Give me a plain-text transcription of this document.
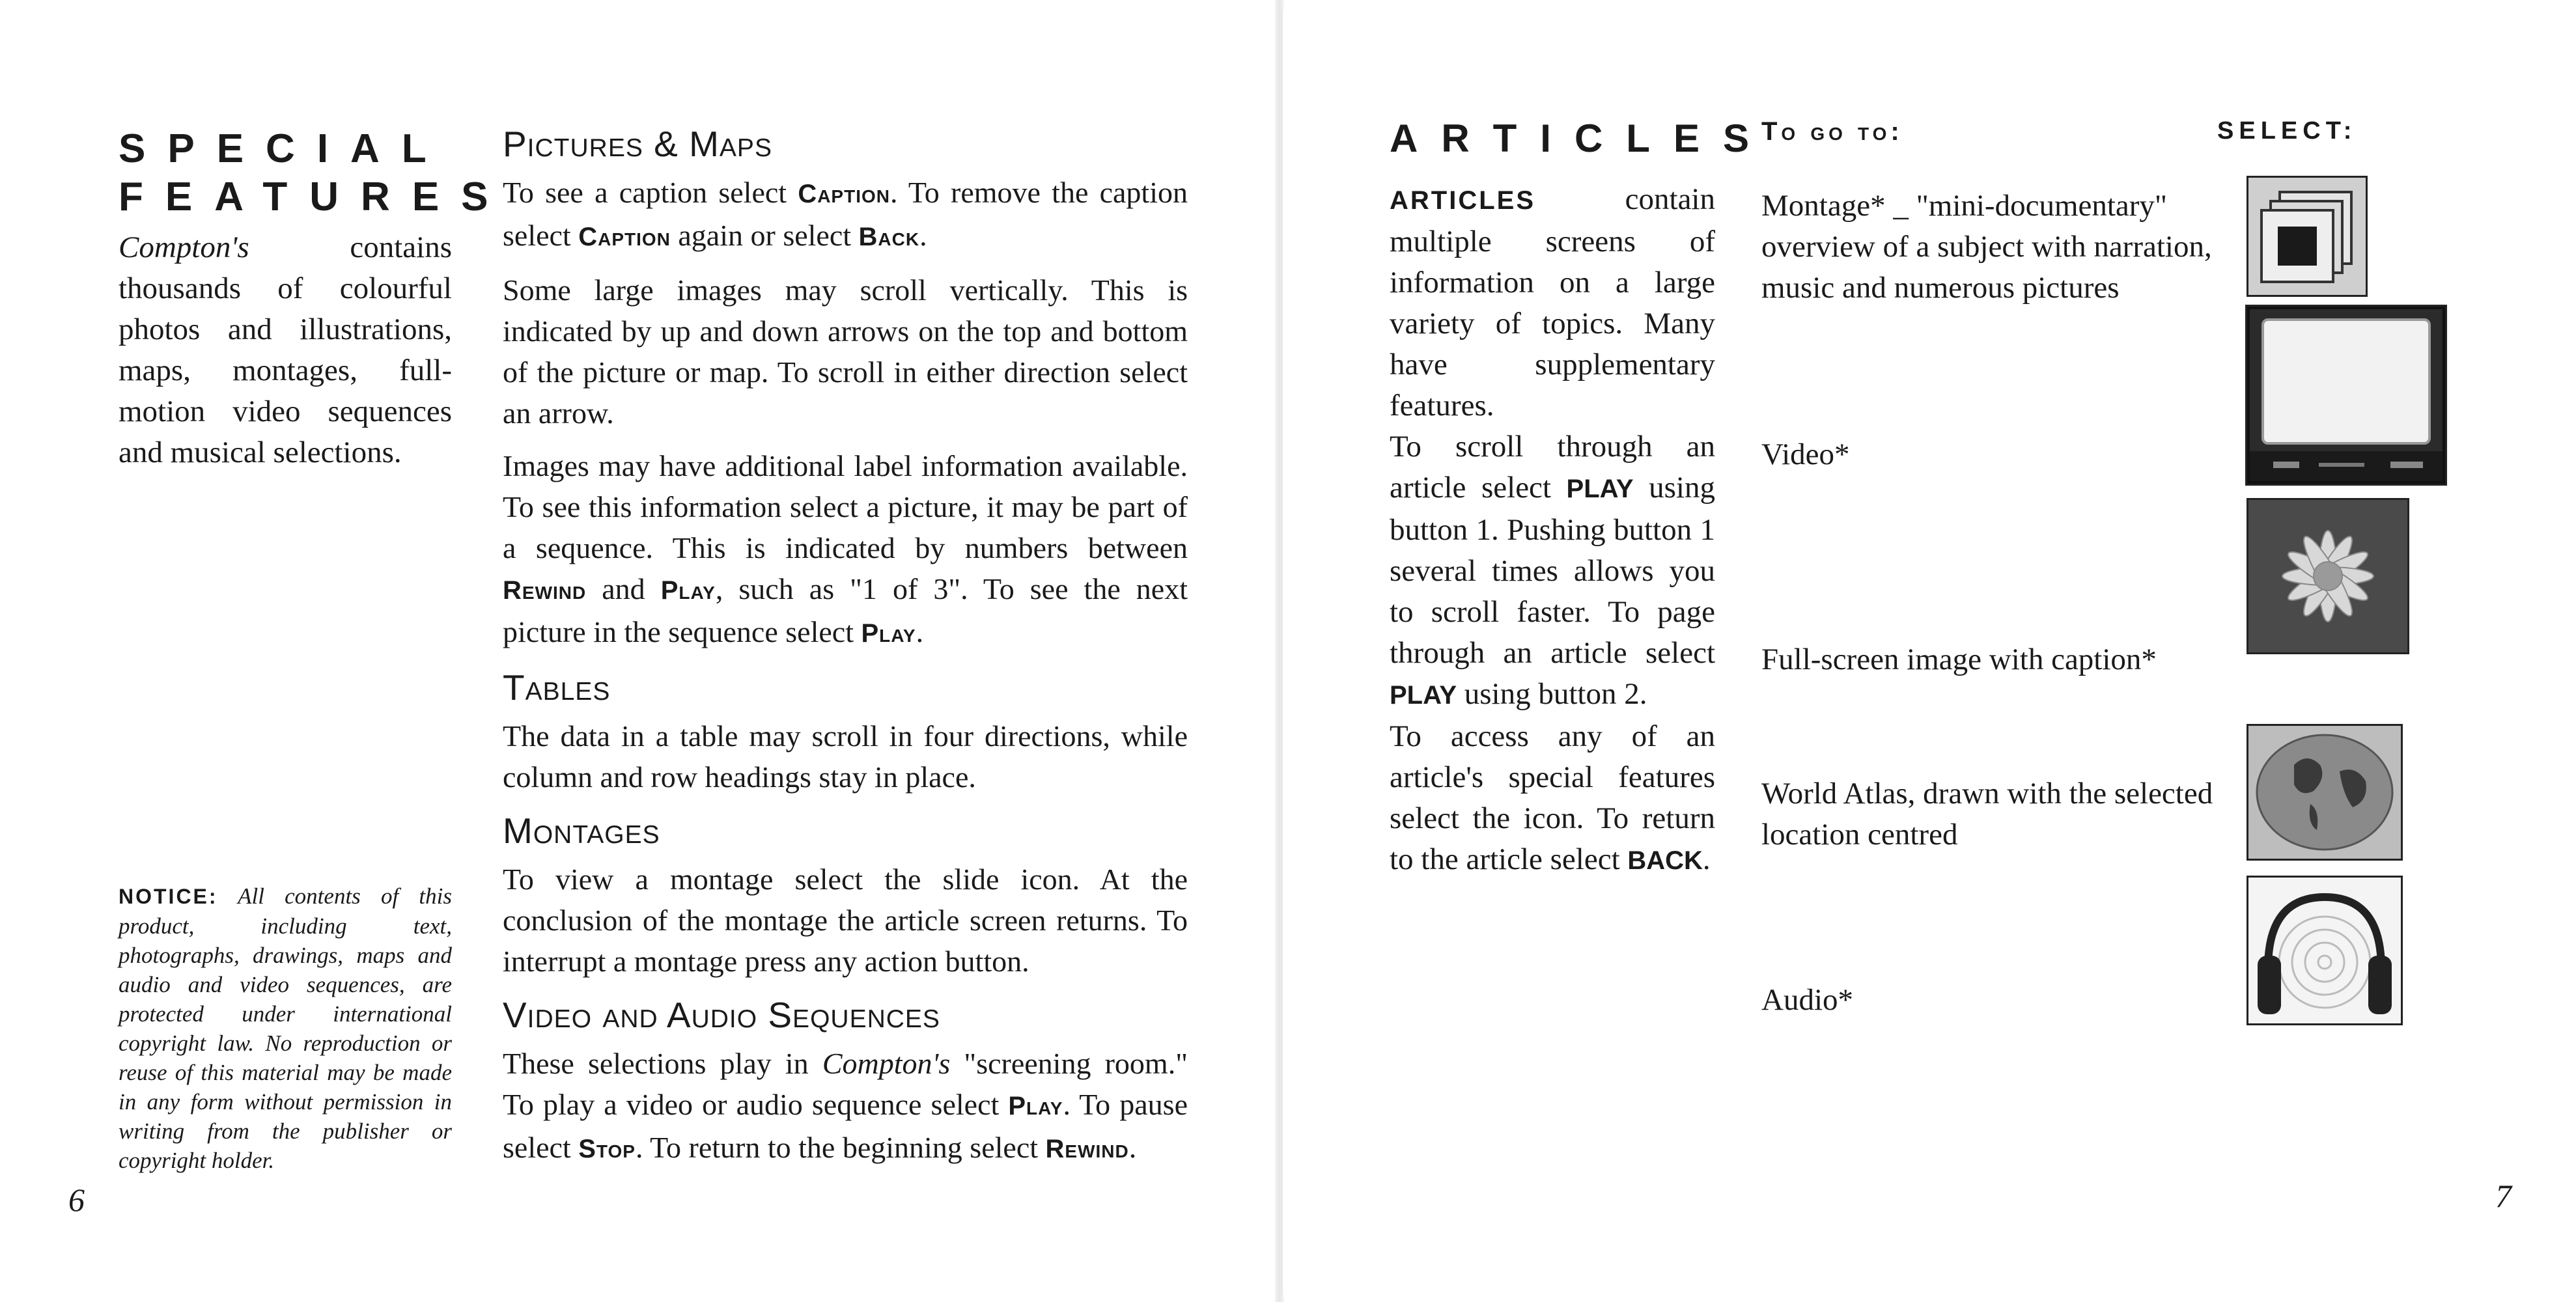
SPECIAL
FEATURES
Compton's contains thousands of colourful photos and illustrations, maps, montages, full-motion video sequences and musical selections.
NOTICE: All contents of this product, including text, photographs, drawings, maps and audio and video sequences, are protected under international copyright law. No reproduction or reuse of this material may be made in any form without permission in writing from the publisher or copyright holder.
6
Pictures & Maps

To see a caption select Caption. To remove the caption select Caption again or select Back.

Some large images may scroll vertically. This is indicated by up and down arrows on the top and bottom of the picture or map. To scroll in either direction select an arrow.

Images may have additional label information available. To see this information select a picture, it may be part of a sequence. This is indicated by numbers between Rewind and Play, such as "1 of 3". To see the next picture in the sequence select Play.

Tables

The data in a table may scroll in four directions, while column and row headings stay in place.

Montages

To view a montage select the slide icon. At the conclusion of the montage the article screen returns. To interrupt a montage press any action button.

Video and Audio Sequences

These selections play in Compton's "screening room." To play a video or audio sequence select Play. To pause select Stop. To return to the beginning select Rewind.

ARTICLES
ARTICLES contain multiple screens of information on a large variety of topics. Many have supplementary features.
To scroll through an article select PLAY using button 1. Pushing button 1 several times allows you to scroll faster. To page through an article select PLAY using button 2.
To access any of an article's special features select the icon. To return to the article select BACK.
To go to:	SELECT:
Montage* _ "mini-documentary" overview of a subject with narration, music and numerous pictures
Video*
Full-screen image with caption*
World Atlas, drawn with the selected location centred
Audio*
7
